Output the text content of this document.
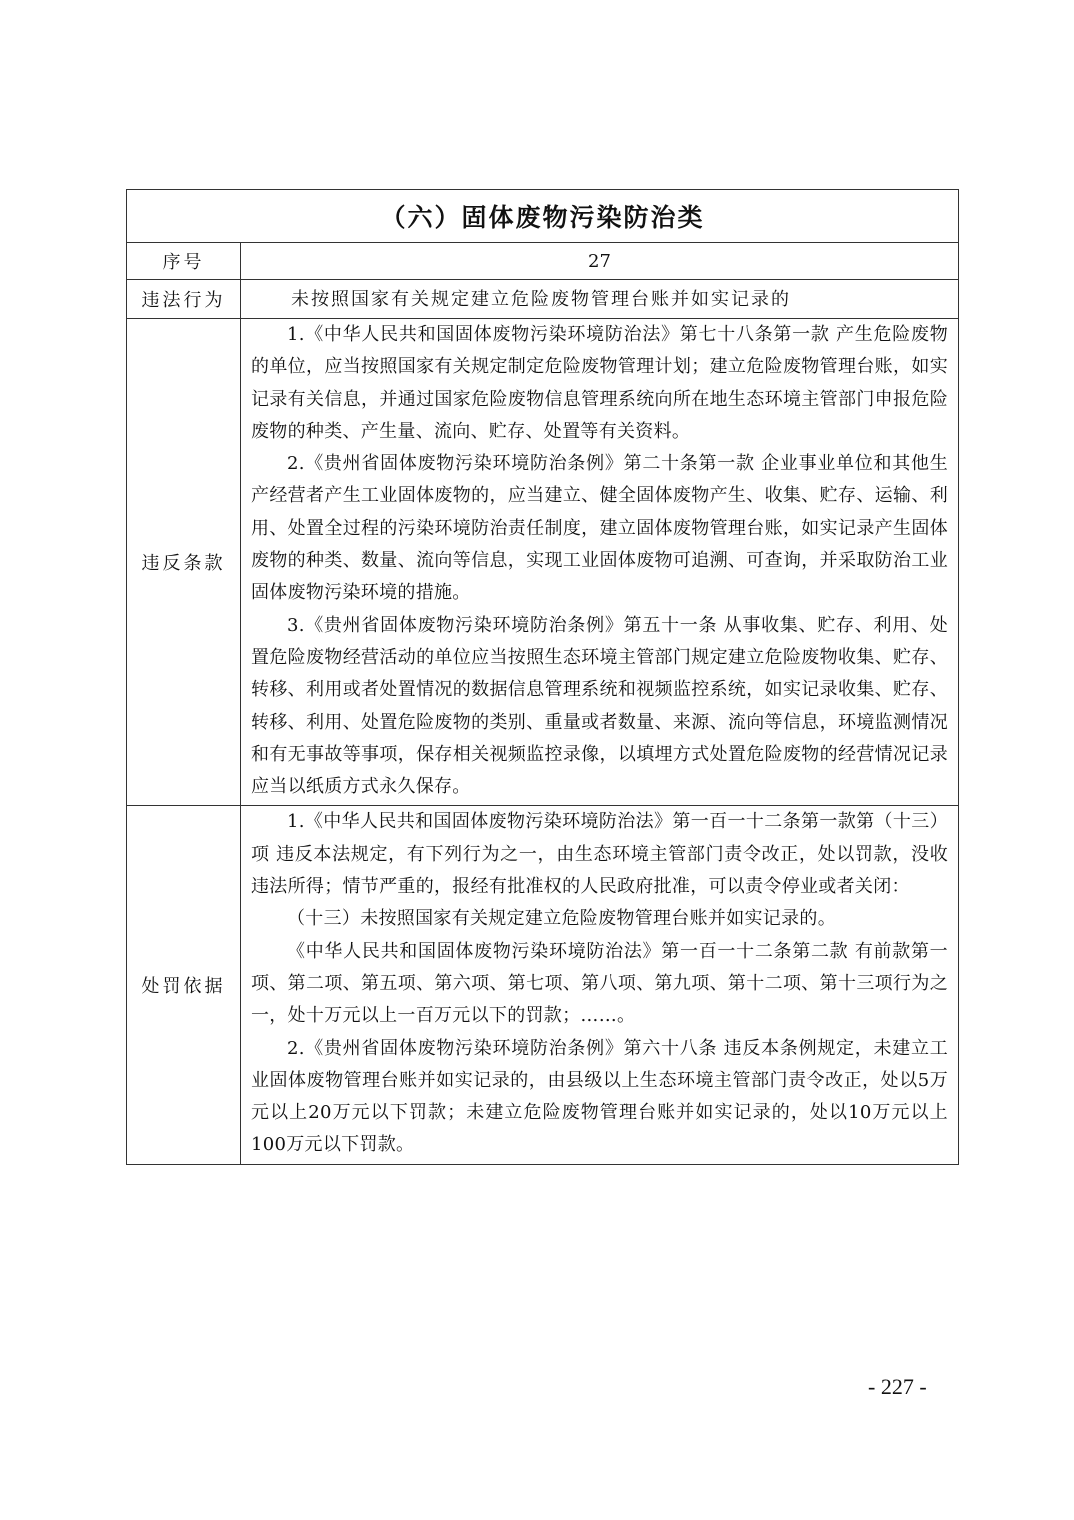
（六）固体废物污染防治类	
序号	27
违法行为	未按照国家有关规定建立危险废物管理台账并如实记录的

违反条款	1.《中华人民共和国固体废物污染环境防治法》第七十八条第一款 产生危险废物的单位，应当按照国家有关规定制定危险废物管理计划；建立危险废物管理台账，如实记录有关信息，并通过国家危险废物信息管理系统向所在地生态环境主管部门申报危险废物的种类、产生量、流向、贮存、处置等有关资料。

2.《贵州省固体废物污染环境防治条例》第二十条第一款 企业事业单位和其他生产经营者产生工业固体废物的，应当建立、健全固体废物产生、收集、贮存、运输、利用、处置全过程的污染环境防治责任制度，建立固体废物管理台账，如实记录产生固体废物的种类、数量、流向等信息，实现工业固体废物可追溯、可查询，并采取防治工业固体废物污染环境的措施。

3.《贵州省固体废物污染环境防治条例》第五十一条 从事收集、贮存、利用、处置危险废物经营活动的单位应当按照生态环境主管部门规定建立危险废物收集、贮存、转移、利用或者处置情况的数据信息管理系统和视频监控系统，如实记录收集、贮存、转移、利用、处置危险废物的类别、重量或者数量、来源、流向等信息，环境监测情况和有无事故等事项，保存相关视频监控录像，以填埋方式处置危险废物的经营情况记录应当以纸质方式永久保存。

处罚依据	1.《中华人民共和国固体废物污染环境防治法》第一百一十二条第一款第（十三）项 违反本法规定，有下列行为之一，由生态环境主管部门责令改正，处以罚款，没收违法所得；情节严重的，报经有批准权的人民政府批准，可以责令停业或者关闭：

（十三）未按照国家有关规定建立危险废物管理台账并如实记录的。

《中华人民共和国固体废物污染环境防治法》第一百一十二条第二款 有前款第一项、第二项、第五项、第六项、第七项、第八项、第九项、第十二项、第十三项行为之一，处十万元以上一百万元以下的罚款；……。

2.《贵州省固体废物污染环境防治条例》第六十八条 违反本条例规定，未建立工业固体废物管理台账并如实记录的，由县级以上生态环境主管部门责令改正，处以5万元以上20万元以下罚款；未建立危险废物管理台账并如实记录的，处以10万元以上100万元以下罚款。

- 227 -
